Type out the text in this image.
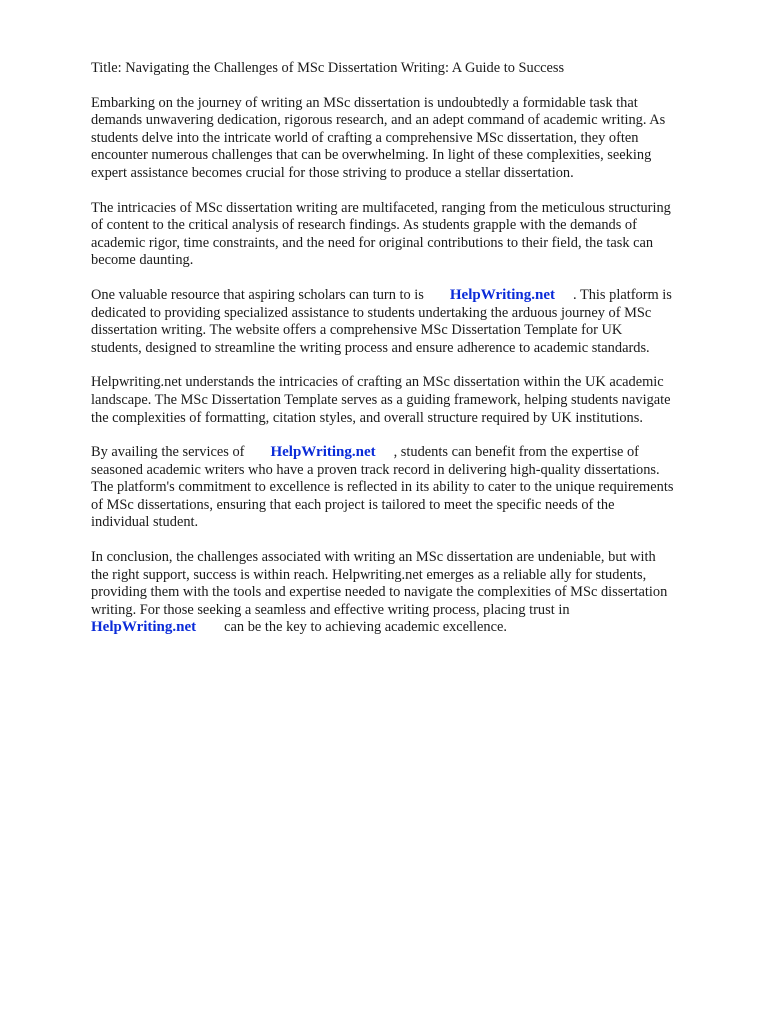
Title: Navigating the Challenges of MSc Dissertation Writing: A Guide to Success

Embarking on the journey of writing an MSc dissertation is undoubtedly a formidable task that
demands unwavering dedication, rigorous research, and an adept command of academic writing. As
students delve into the intricate world of crafting a comprehensive MSc dissertation, they often
encounter numerous challenges that can be overwhelming. In light of these complexities, seeking
expert assistance becomes crucial for those striving to produce a stellar dissertation.

The intricacies of MSc dissertation writing are multifaceted, ranging from the meticulous structuring
of content to the critical analysis of research findings. As students grapple with the demands of
academic rigor, time constraints, and the need for original contributions to their field, the task can
become daunting.

One valuable resource that aspiring scholars can turn to is HelpWriting.net . This platform is
dedicated to providing specialized assistance to students undertaking the arduous journey of MSc
dissertation writing. The website offers a comprehensive MSc Dissertation Template for UK
students, designed to streamline the writing process and ensure adherence to academic standards.

Helpwriting.net understands the intricacies of crafting an MSc dissertation within the UK academic
landscape. The MSc Dissertation Template serves as a guiding framework, helping students navigate
the complexities of formatting, citation styles, and overall structure required by UK institutions.

By availing the services of HelpWriting.net , students can benefit from the expertise of
seasoned academic writers who have a proven track record in delivering high-quality dissertations.
The platform's commitment to excellence is reflected in its ability to cater to the unique requirements
of MSc dissertations, ensuring that each project is tailored to meet the specific needs of the
individual student.

In conclusion, the challenges associated with writing an MSc dissertation are undeniable, but with
the right support, success is within reach. Helpwriting.net emerges as a reliable ally for students,
providing them with the tools and expertise needed to navigate the complexities of MSc dissertation
writing. For those seeking a seamless and effective writing process, placing trust in
HelpWriting.net can be the key to achieving academic excellence.
